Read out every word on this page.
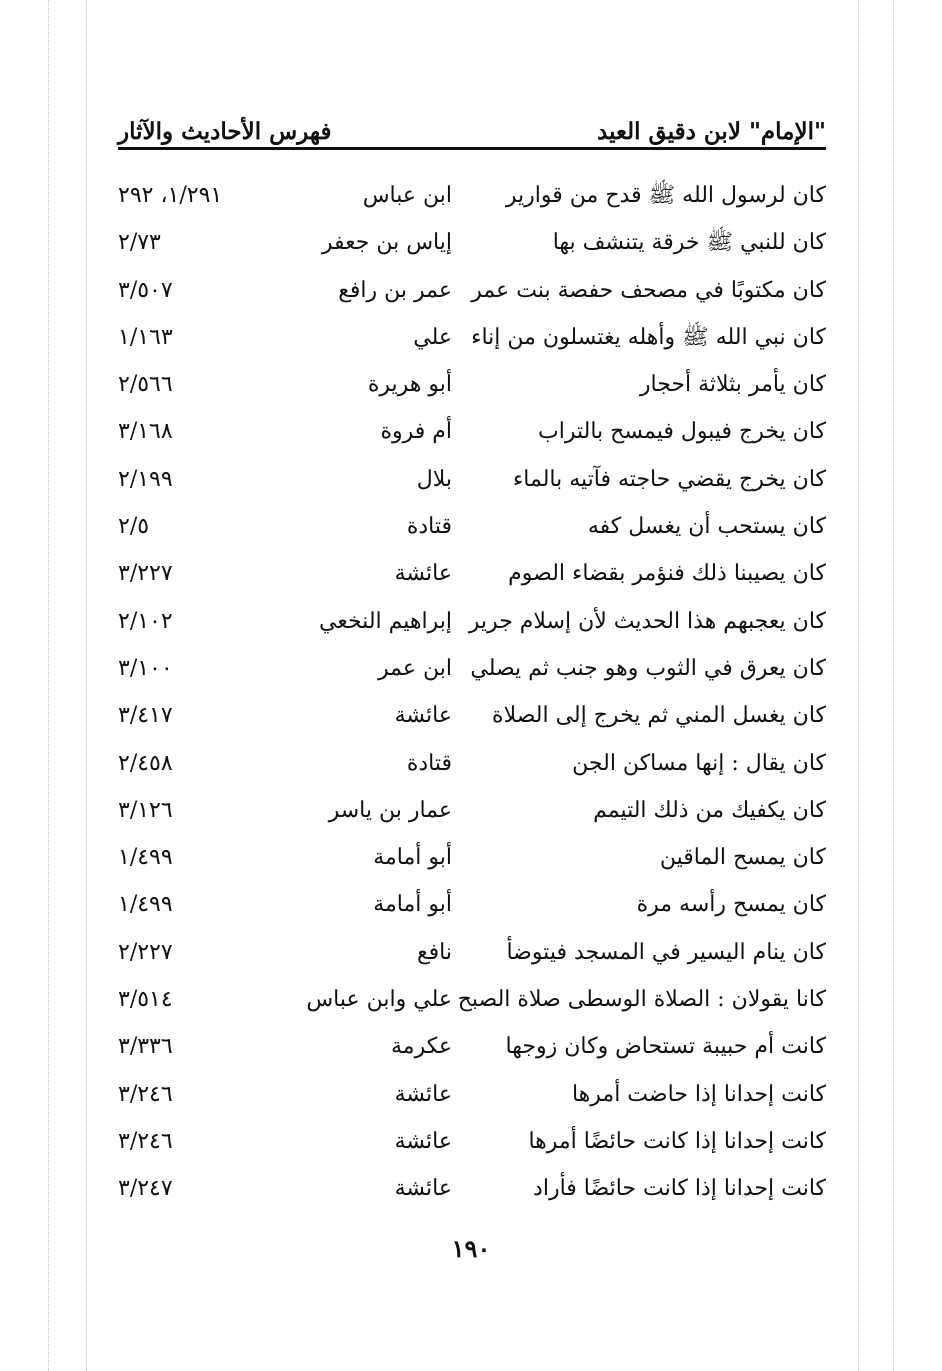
"الإمام" لابن دقيق العيد
فهرس الأحاديث والآثار
كان لرسول الله ﷺ قدح من قوارير
ابن عباس
١/٢٩١، ٢٩٢
كان للنبي ﷺ خرقة يتنشف بها
إياس بن جعفر
٢/٧٣
كان مكتوبًا في مصحف حفصة بنت عمر
عمر بن رافع
٣/٥٠٧
كان نبي الله ﷺ وأهله يغتسلون من إناء
علي
١/١٦٣
كان يأمر بثلاثة أحجار
أبو هريرة
٢/٥٦٦
كان يخرج فيبول فيمسح بالتراب
أم فروة
٣/١٦٨
كان يخرج يقضي حاجته فآتيه بالماء
بلال
٢/١٩٩
كان يستحب أن يغسل كفه
قتادة
٢/٥
كان يصيبنا ذلك فنؤمر بقضاء الصوم
عائشة
٣/٢٢٧
كان يعجبهم هذا الحديث لأن إسلام جرير
إبراهيم النخعي
٢/١٠٢
كان يعرق في الثوب وهو جنب ثم يصلي
ابن عمر
٣/١٠٠
كان يغسل المني ثم يخرج إلى الصلاة
عائشة
٣/٤١٧
كان يقال : إنها مساكن الجن
قتادة
٢/٤٥٨
كان يكفيك من ذلك التيمم
عمار بن ياسر
٣/١٢٦
كان يمسح الماقين
أبو أمامة
١/٤٩٩
كان يمسح رأسه مرة
أبو أمامة
١/٤٩٩
كان ينام اليسير في المسجد فيتوضأ
نافع
٢/٢٢٧
كانا يقولان : الصلاة الوسطى صلاة الصبح
علي وابن عباس
٣/٥١٤
كانت أم حبيبة تستحاض وكان زوجها
عكرمة
٣/٣٣٦
كانت إحدانا إذا حاضت أمرها
عائشة
٣/٢٤٦
كانت إحدانا إذا كانت حائضًا أمرها
عائشة
٣/٢٤٦
كانت إحدانا إذا كانت حائضًا فأراد
عائشة
٣/٢٤٧
١٩٠
